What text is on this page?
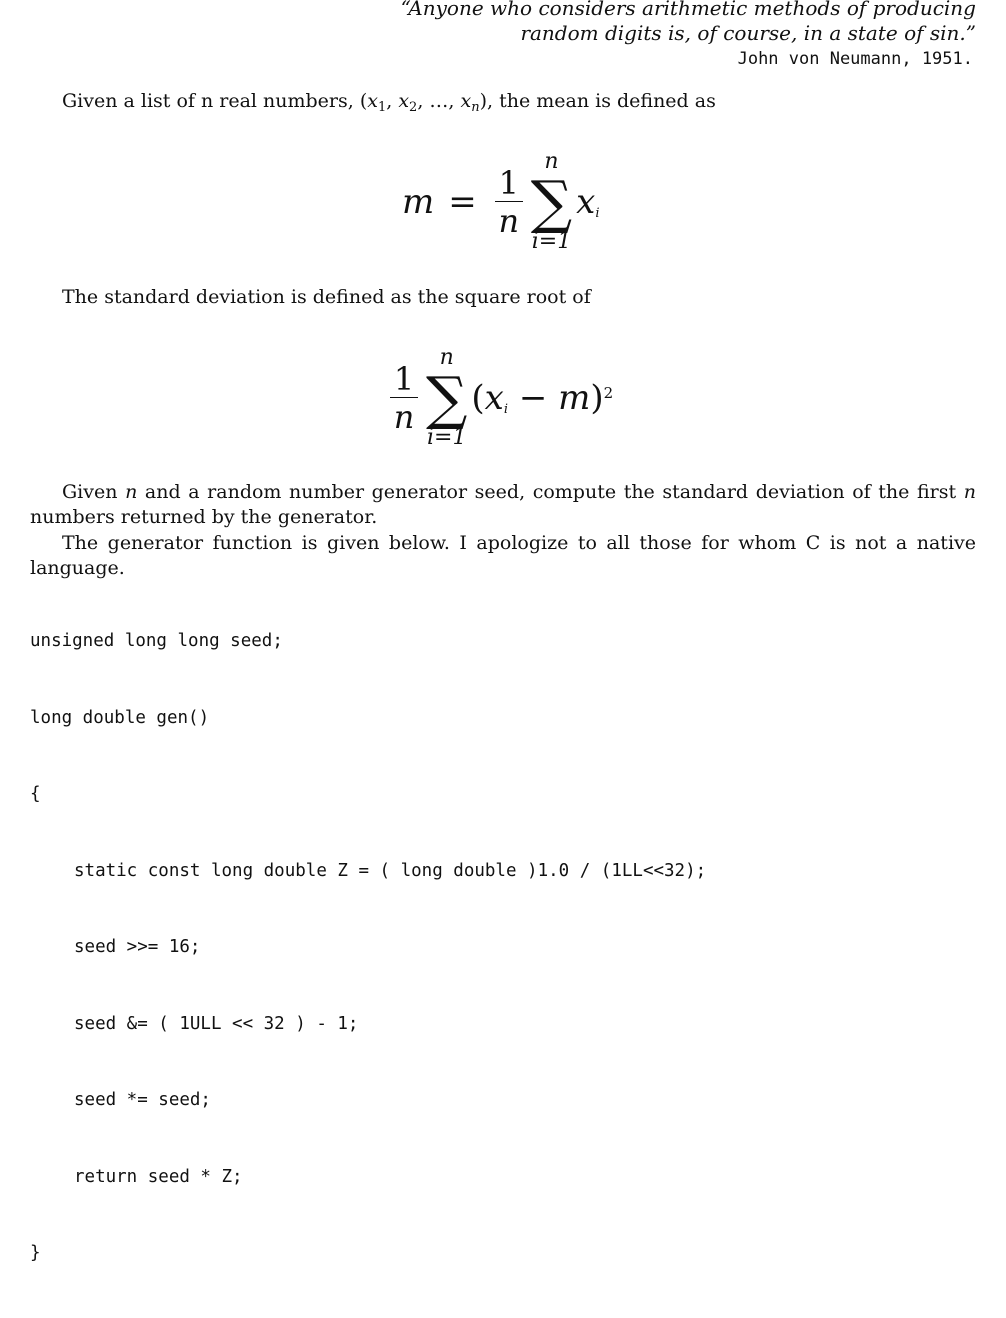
“Anyone who considers arithmetic methods of producing
random digits is, of course, in a state of sin.”
John von Neumann, 1951.
Given a list of n real numbers, ($x_1$, $x_2$, …, $x_n$), the mean is defined as
$m = \frac{1}{n}$
n
∑
i=1
$x_i$
The standard deviation is defined as the square root of
$\frac{1}{n}$
n
∑
i=1
$(x_i - m)^2$
Given n and a random number generator seed, compute the standard deviation of the first n numbers returned by the generator.
The generator function is given below. I apologize to all those for whom C is not a native language.

unsigned long long seed;

long double gen()

{

static const long double Z = ( long double )1.0 / (1LL<<32);

seed >>= 16;

seed &= ( 1ULL << 32 ) - 1;

seed *= seed;

return seed * Z;

}
